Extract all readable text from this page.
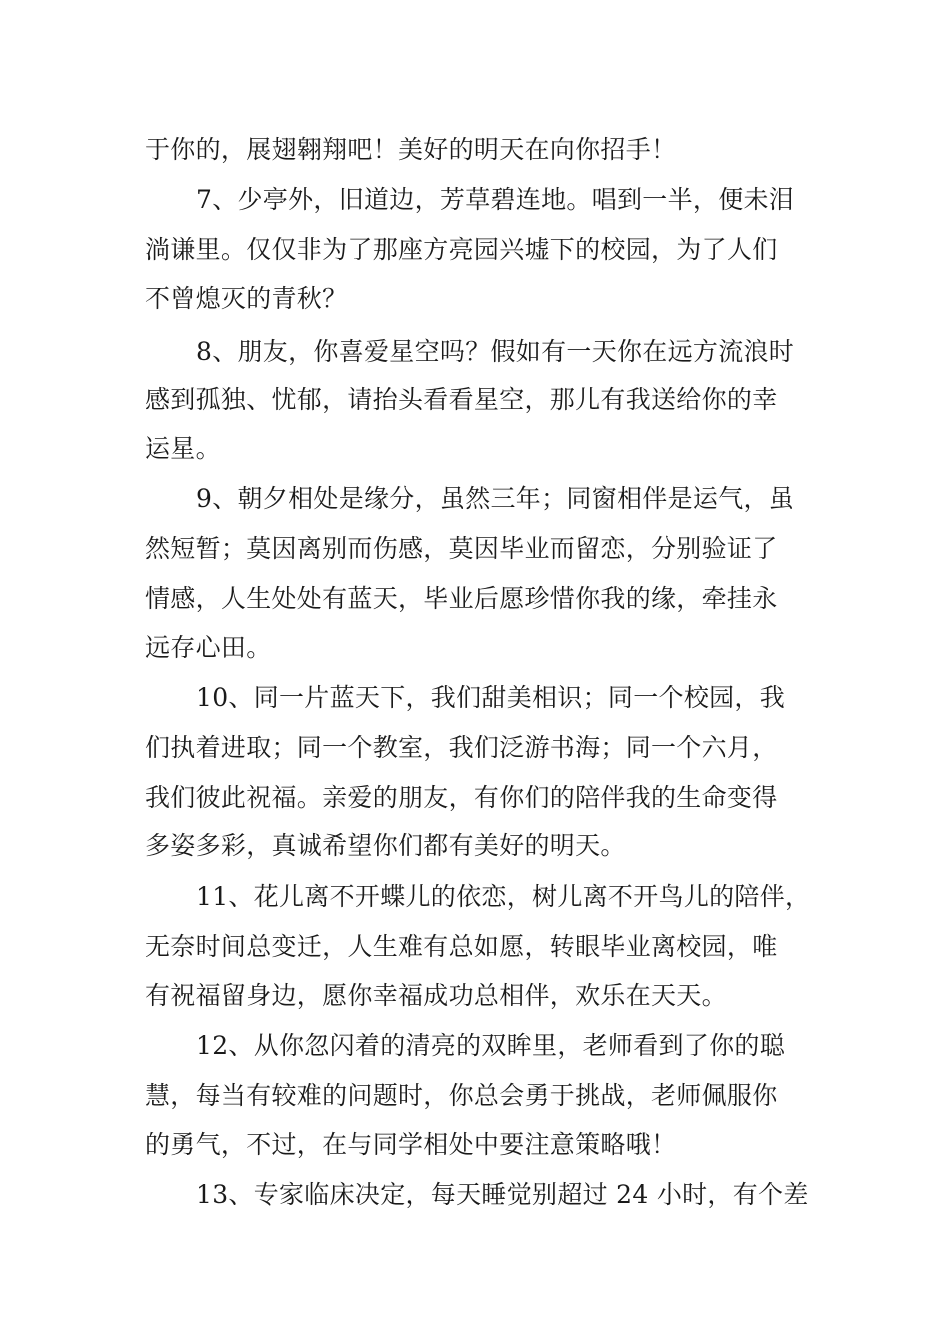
于你的，展翅翱翔吧！美好的明天在向你招手！
7、少亭外，旧道边，芳草碧连地。唱到一半，便未泪
淌谦里。仅仅非为了那座方亮园兴墟下的校园，为了人们
不曾熄灭的青秋？
8、朋友，你喜爱星空吗？假如有一天你在远方流浪时
感到孤独、忧郁，请抬头看看星空，那儿有我送给你的幸
运星。
9、朝夕相处是缘分，虽然三年；同窗相伴是运气，虽
然短暂；莫因离别而伤感，莫因毕业而留恋，分别验证了
情感，人生处处有蓝天，毕业后愿珍惜你我的缘，牵挂永
远存心田。
10、同一片蓝天下，我们甜美相识；同一个校园，我
们执着进取；同一个教室，我们泛游书海；同一个六月，
我们彼此祝福。亲爱的朋友，有你们的陪伴我的生命变得
多姿多彩，真诚希望你们都有美好的明天。
11、花儿离不开蝶儿的依恋，树儿离不开鸟儿的陪伴，
无奈时间总变迁，人生难有总如愿，转眼毕业离校园，唯
有祝福留身边，愿你幸福成功总相伴，欢乐在天天。
12、从你忽闪着的清亮的双眸里，老师看到了你的聪
慧，每当有较难的问题时，你总会勇于挑战，老师佩服你
的勇气，不过，在与同学相处中要注意策略哦！
13、专家临床决定，每天睡觉别超过 24 小时，有个差
